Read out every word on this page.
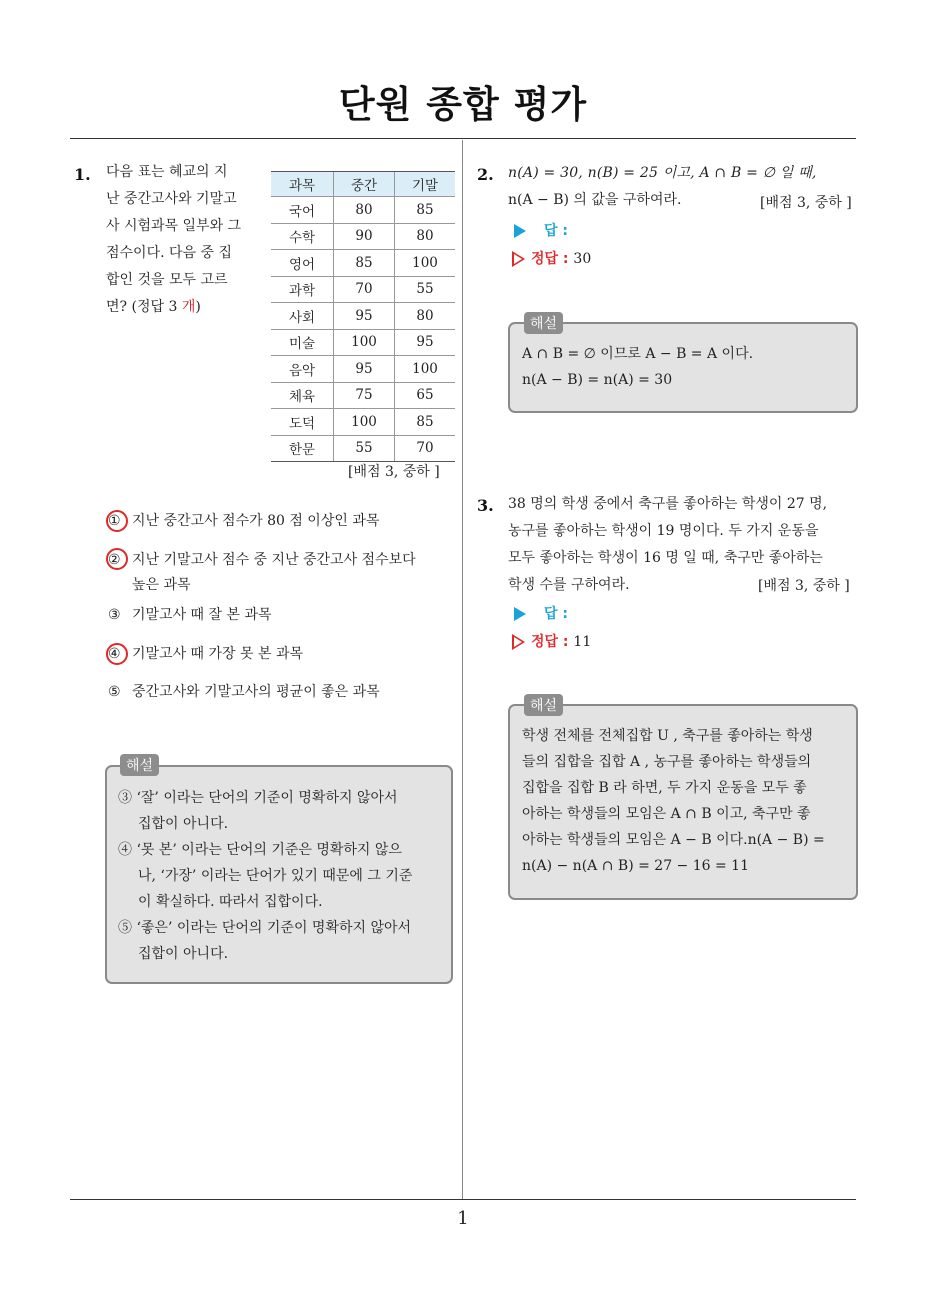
단원 종합 평가
1. 다음 표는 혜교의 지
난 중간고사와 기말고
사 시험과목 일부와 그
점수이다. 다음 중 집
합인 것을 모두 고르
면? (정답 3 개)
과목	중간	기말
국어	80	85
수학	90	80
영어	85	100
과학	70	55
사회	95	80
미술	100	95
음악	95	100
체육	75	65
도덕	100	85
한문	55	70
[배점 3, 중하 ]
① 지난 중간고사 점수가 80 점 이상인 과목
② 지난 기말고사 점수 중 지난 중간고사 점수보다
높은 과목
③ 기말고사 때 잘 본 과목
④ 기말고사 때 가장 못 본 과목
⑤ 중간고사와 기말고사의 평균이 좋은 과목
해설
③ ‘잘’ 이라는 단어의 기준이 명확하지 않아서
집합이 아니다.
④ ‘못 본’ 이라는 단어의 기준은 명확하지 않으
나, ‘가장’ 이라는 단어가 있기 때문에 그 기준
이 확실하다. 따라서 집합이다.
⑤ ‘좋은’ 이라는 단어의 기준이 명확하지 않아서
집합이 아니다.
2. n(A) = 30, n(B) = 25 이고, A ∩ B = ∅ 일 때,
n(A − B) 의 값을 구하여라.	[배점 3, 중하 ]
답 :
정답 : 30
해설
A ∩ B = ∅ 이므로 A − B = A 이다.
n(A − B) = n(A) = 30
3. 38 명의 학생 중에서 축구를 좋아하는 학생이 27 명,
농구를 좋아하는 학생이 19 명이다. 두 가지 운동을
모두 좋아하는 학생이 16 명 일 때, 축구만 좋아하는
학생 수를 구하여라.	[배점 3, 중하 ]
답 :
정답 : 11
해설
학생 전체를 전체집합 U , 축구를 좋아하는 학생
들의 집합을 집합 A , 농구를 좋아하는 학생들의
집합을 집합 B 라 하면, 두 가지 운동을 모두 좋
아하는 학생들의 모임은 A ∩ B 이고, 축구만 좋
아하는 학생들의 모임은 A − B 이다.n(A − B) =
n(A) − n(A ∩ B) = 27 − 16 = 11
1
